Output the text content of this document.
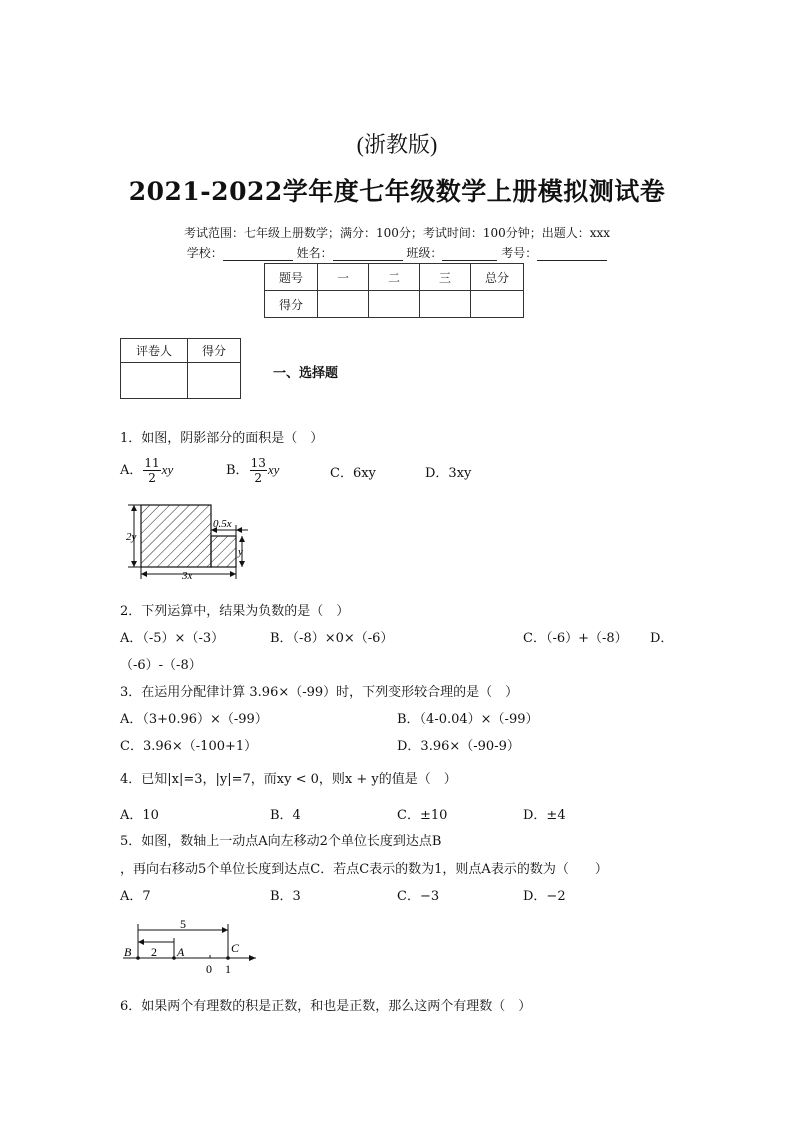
(浙教版)
2021-2022学年度七年级数学上册模拟测试卷
考试范围：七年级上册数学；满分：100分；考试时间：100分钟；出题人：xxx
学校：	姓名：	班级：	考号：
题号	一	二	三	总分
得分				
评卷人	得分

一、选择题
1．如图，阴影部分的面积是（　）
A． $\frac{11}{2}$ xy	B． $\frac{13}{2}$ xy	C．6xy	D．3xy
2y
0.5x
y
3x
2．下列运算中，结果为负数的是（　）
A．（-5）×（-3）	B．（-8）×0×（-6）	C．（-6）+（-8） D．
（-6）-（-8）
3．在运用分配律计算 3.96×（-99）时，下列变形较合理的是（　）
A．（3+0.96）×（-99）	B．（4-0.04）×（-99）
C．3.96×（-100+1）	D．3.96×（-90-9）
4．已知|x|=3，|y|=7，而xy < 0，则x + y的值是（　）
A．10	B．4	C．±10	D．±4
5．如图，数轴上一动点A向左移动2个单位长度到达点B
，再向右移动5个单位长度到达点C．若点C表示的数为1，则点A表示的数为（　　）
A．7	B．3	C．−3	D．−2
5
2
B	A	C
0 1
6．如果两个有理数的积是正数，和也是正数，那么这两个有理数（　）
